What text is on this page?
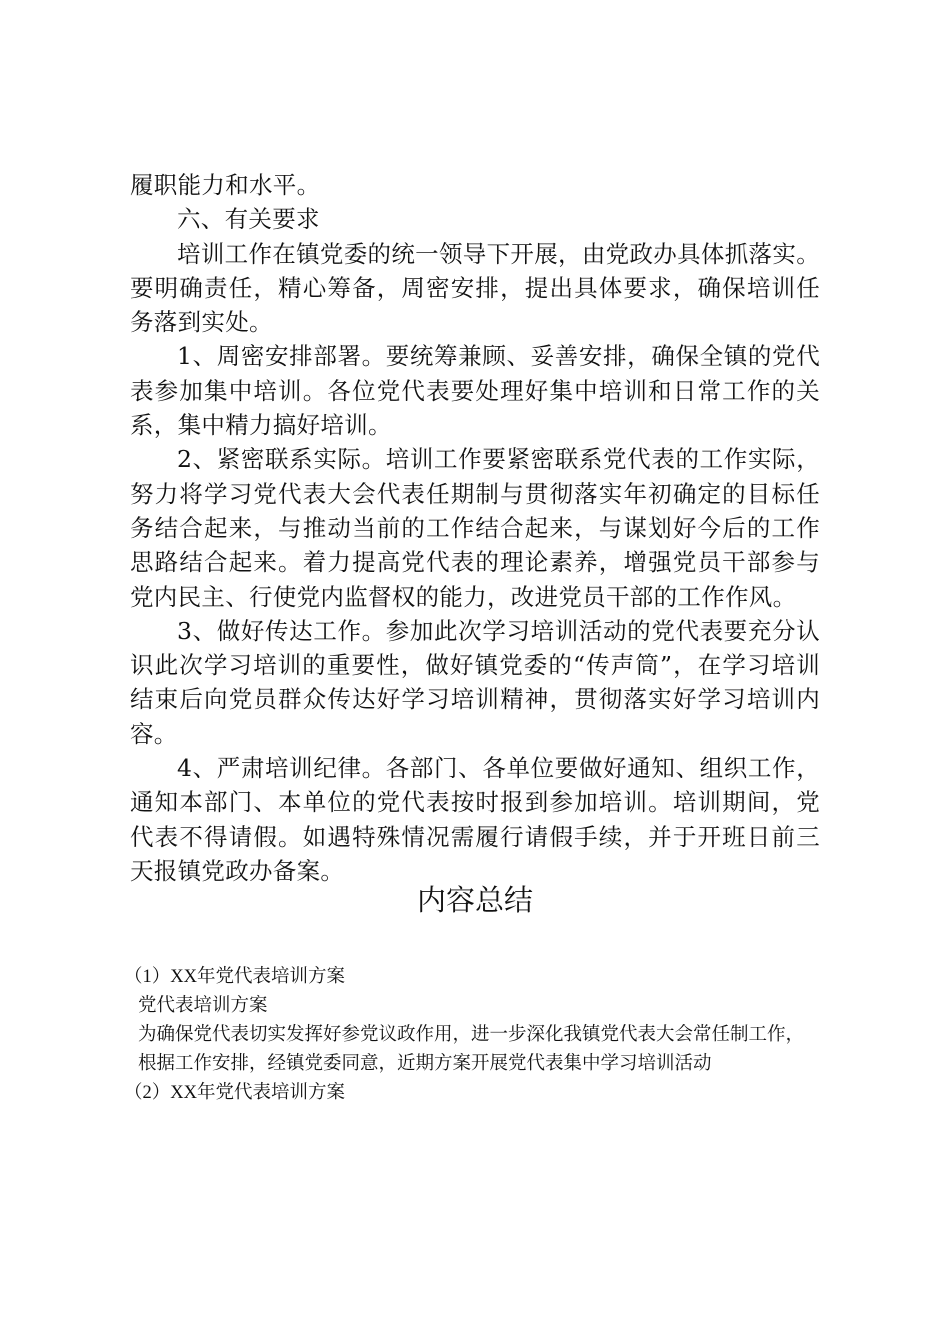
履职能力和水平。

六、有关要求

培训工作在镇党委的统一领导下开展，由党政办具体抓落实。要明确责任，精心筹备，周密安排，提出具体要求，确保培训任务落到实处。

1、周密安排部署。要统筹兼顾、妥善安排，确保全镇的党代表参加集中培训。各位党代表要处理好集中培训和日常工作的关系，集中精力搞好培训。

2、紧密联系实际。培训工作要紧密联系党代表的工作实际，努力将学习党代表大会代表任期制与贯彻落实年初确定的目标任务结合起来，与推动当前的工作结合起来，与谋划好今后的工作思路结合起来。着力提高党代表的理论素养，增强党员干部参与党内民主、行使党内监督权的能力，改进党员干部的工作作风。

3、做好传达工作。参加此次学习培训活动的党代表要充分认识此次学习培训的重要性，做好镇党委的“传声筒”，在学习培训结束后向党员群众传达好学习培训精神，贯彻落实好学习培训内容。

4、严肃培训纪律。各部门、各单位要做好通知、组织工作，通知本部门、本单位的党代表按时报到参加培训。培训期间，党代表不得请假。如遇特殊情况需履行请假手续，并于开班日前三天报镇党政办备案。

内容总结

（1）XX年党代表培训方案

党代表培训方案

为确保党代表切实发挥好参党议政作用，进一步深化我镇党代表大会常任制工作，根据工作安排，经镇党委同意，近期方案开展党代表集中学习培训活动

（2）XX年党代表培训方案
